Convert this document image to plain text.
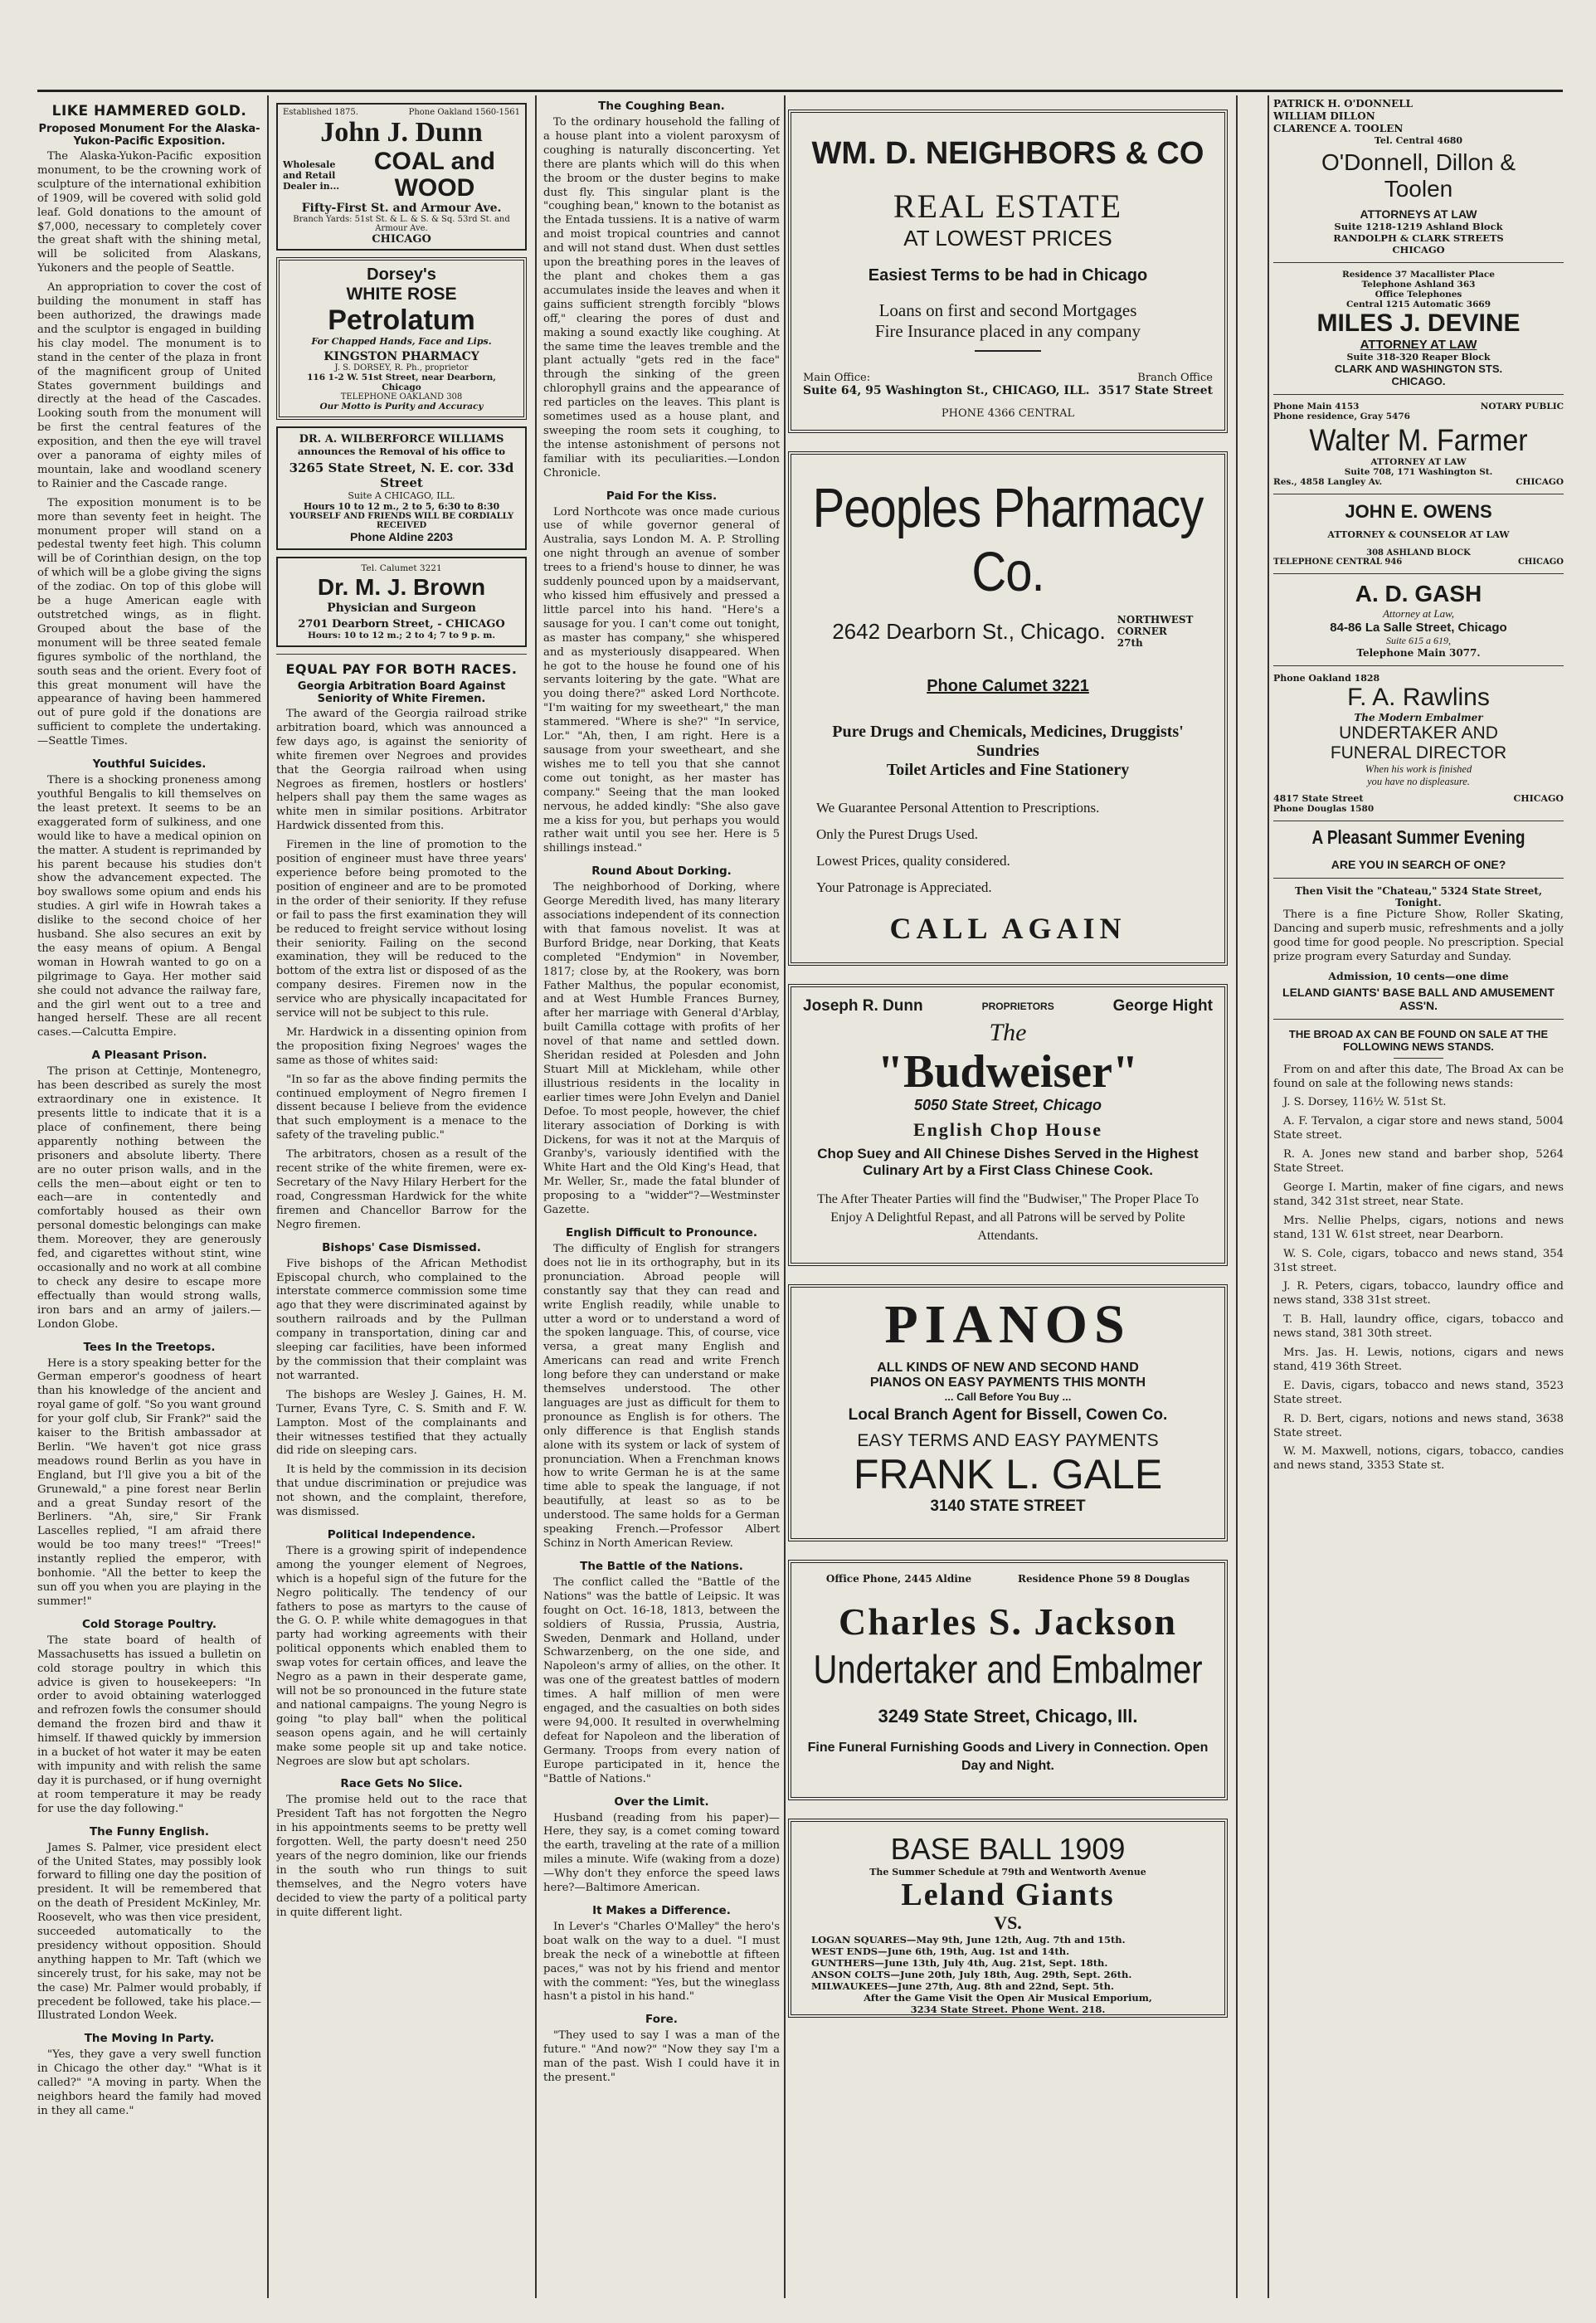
LIKE HAMMERED GOLD.
Proposed Monument For the Alaska-Yukon-Pacific Exposition.

The Alaska-Yukon-Pacific exposition monument, to be the crowning work of sculpture of the international exhibition of 1909, will be covered with solid gold leaf. Gold donations to the amount of $7,000, necessary to completely cover the great shaft with the shining metal, will be solicited from Alaskans, Yukoners and the people of Seattle.

An appropriation to cover the cost of building the monument in staff has been authorized, the drawings made and the sculptor is engaged in building his clay model. The monument is to stand in the center of the plaza in front of the magnificent group of United States government buildings and directly at the head of the Cascades. Looking south from the monument will be first the central features of the exposition, and then the eye will travel over a panorama of eighty miles of mountain, lake and woodland scenery to Rainier and the Cascade range.

The exposition monument is to be more than seventy feet in height. The monument proper will stand on a pedestal twenty feet high. This column will be of Corinthian design, on the top of which will be a globe giving the signs of the zodiac. On top of this globe will be a huge American eagle with outstretched wings, as in flight. Grouped about the base of the monument will be three seated female figures symbolic of the northland, the south seas and the orient. Every foot of this great monument will have the appearance of having been hammered out of pure gold if the donations are sufficient to complete the undertaking.—Seattle Times.

Youthful Suicides.

There is a shocking proneness among youthful Bengalis to kill themselves on the least pretext. It seems to be an exaggerated form of sulkiness, and one would like to have a medical opinion on the matter. A student is reprimanded by his parent because his studies don't show the advancement expected. The boy swallows some opium and ends his studies. A girl wife in Howrah takes a dislike to the second choice of her husband. She also secures an exit by the easy means of opium. A Bengal woman in Howrah wanted to go on a pilgrimage to Gaya. Her mother said she could not advance the railway fare, and the girl went out to a tree and hanged herself. These are all recent cases.—Calcutta Empire.

A Pleasant Prison.

The prison at Cettinje, Montenegro, has been described as surely the most extraordinary one in existence. It presents little to indicate that it is a place of confinement, there being apparently nothing between the prisoners and absolute liberty. There are no outer prison walls, and in the cells the men—about eight or ten to each—are in contentedly and comfortably housed as their own personal domestic belongings can make them. Moreover, they are generously fed, and cigarettes without stint, wine occasionally and no work at all combine to check any desire to escape more effectually than would strong walls, iron bars and an army of jailers.—London Globe.

Tees In the Treetops.

Here is a story speaking better for the German emperor's goodness of heart than his knowledge of the ancient and royal game of golf. "So you want ground for your golf club, Sir Frank?" said the kaiser to the British ambassador at Berlin. "We haven't got nice grass meadows round Berlin as you have in England, but I'll give you a bit of the Grunewald," a pine forest near Berlin and a great Sunday resort of the Berliners. "Ah, sire," Sir Frank Lascelles replied, "I am afraid there would be too many trees!" "Trees!" instantly replied the emperor, with bonhomie. "All the better to keep the sun off you when you are playing in the summer!"

Cold Storage Poultry.

The state board of health of Massachusetts has issued a bulletin on cold storage poultry in which this advice is given to housekeepers: "In order to avoid obtaining waterlogged and refrozen fowls the consumer should demand the frozen bird and thaw it himself. If thawed quickly by immersion in a bucket of hot water it may be eaten with impunity and with relish the same day it is purchased, or if hung overnight at room temperature it may be ready for use the day following."

The Funny English.

James S. Palmer, vice president elect of the United States, may possibly look forward to filling one day the position of president. It will be remembered that on the death of President McKinley, Mr. Roosevelt, who was then vice president, succeeded automatically to the presidency without opposition. Should anything happen to Mr. Taft (which we sincerely trust, for his sake, may not be the case) Mr. Palmer would probably, if precedent be followed, take his place.—Illustrated London Week.

The Moving In Party.

"Yes, they gave a very swell function in Chicago the other day." "What is it called?" "A moving in party. When the neighbors heard the family had moved in they all came."

Established 1875.	Phone Oakland 1560-1561
John J. Dunn
Wholesale and Retail Dealer in...
COAL and WOOD
Fifty-First St. and Armour Ave.
Branch Yards: 51st St. & L. & S. & Sq. 53rd St. and Armour Ave.
CHICAGO
Dorsey's
WHITE ROSE
Petrolatum
For Chapped Hands, Face and Lips.
KINGSTON PHARMACY
J. S. DORSEY, R. Ph., proprietor
116 1-2 W. 51st Street, near Dearborn, Chicago
TELEPHONE OAKLAND 308
Our Motto is Purity and Accuracy
DR. A. WILBERFORCE WILLIAMS
announces the Removal of his office to
3265 State Street, N. E. cor. 33d Street
Suite A CHICAGO, ILL.
Hours 10 to 12 m., 2 to 5, 6:30 to 8:30
YOURSELF AND FRIENDS WILL BE CORDIALLY RECEIVED
Phone Aldine 2203
Tel. Calumet 3221
Dr. M. J. Brown
Physician and Surgeon
2701 Dearborn Street, - CHICAGO
Hours: 10 to 12 m.; 2 to 4; 7 to 9 p. m.
EQUAL PAY FOR BOTH RACES.
Georgia Arbitration Board Against Seniority of White Firemen.

The award of the Georgia railroad strike arbitration board, which was announced a few days ago, is against the seniority of white firemen over Negroes and provides that the Georgia railroad when using Negroes as firemen, hostlers or hostlers' helpers shall pay them the same wages as white men in similar positions. Arbitrator Hardwick dissented from this.

Firemen in the line of promotion to the position of engineer must have three years' experience before being promoted to the position of engineer and are to be promoted in the order of their seniority. If they refuse or fail to pass the first examination they will be reduced to freight service without losing their seniority. Failing on the second examination, they will be reduced to the bottom of the extra list or disposed of as the company desires. Firemen now in the service who are physically incapacitated for service will not be subject to this rule.

Mr. Hardwick in a dissenting opinion from the proposition fixing Negroes' wages the same as those of whites said:

"In so far as the above finding permits the continued employment of Negro firemen I dissent because I believe from the evidence that such employment is a menace to the safety of the traveling public."

The arbitrators, chosen as a result of the recent strike of the white firemen, were ex-Secretary of the Navy Hilary Herbert for the road, Congressman Hardwick for the white firemen and Chancellor Barrow for the Negro firemen.

Bishops' Case Dismissed.

Five bishops of the African Methodist Episcopal church, who complained to the interstate commerce commission some time ago that they were discriminated against by southern railroads and by the Pullman company in transportation, dining car and sleeping car facilities, have been informed by the commission that their complaint was not warranted.

The bishops are Wesley J. Gaines, H. M. Turner, Evans Tyre, C. S. Smith and F. W. Lampton. Most of the complainants and their witnesses testified that they actually did ride on sleeping cars.

It is held by the commission in its decision that undue discrimination or prejudice was not shown, and the complaint, therefore, was dismissed.

Political Independence.

There is a growing spirit of independence among the younger element of Negroes, which is a hopeful sign of the future for the Negro politically. The tendency of our fathers to pose as martyrs to the cause of the G. O. P. while white demagogues in that party had working agreements with their political opponents which enabled them to swap votes for certain offices, and leave the Negro as a pawn in their desperate game, will not be so pronounced in the future state and national campaigns. The young Negro is going "to play ball" when the political season opens again, and he will certainly make some people sit up and take notice. Negroes are slow but apt scholars.

Race Gets No Slice.

The promise held out to the race that President Taft has not forgotten the Negro in his appointments seems to be pretty well forgotten. Well, the party doesn't need 250 years of the negro dominion, like our friends in the south who run things to suit themselves, and the Negro voters have decided to view the party of a political party in quite different light.

The Coughing Bean.

To the ordinary household the falling of a house plant into a violent paroxysm of coughing is naturally disconcerting. Yet there are plants which will do this when the broom or the duster begins to make dust fly. This singular plant is the "coughing bean," known to the botanist as the Entada tussiens. It is a native of warm and moist tropical countries and cannot and will not stand dust. When dust settles upon the breathing pores in the leaves of the plant and chokes them a gas accumulates inside the leaves and when it gains sufficient strength forcibly "blows off," clearing the pores of dust and making a sound exactly like coughing. At the same time the leaves tremble and the plant actually "gets red in the face" through the sinking of the green chlorophyll grains and the appearance of red particles on the leaves. This plant is sometimes used as a house plant, and sweeping the room sets it coughing, to the intense astonishment of persons not familiar with its peculiarities.—London Chronicle.

Paid For the Kiss.

Lord Northcote was once made curious use of while governor general of Australia, says London M. A. P. Strolling one night through an avenue of somber trees to a friend's house to dinner, he was suddenly pounced upon by a maidservant, who kissed him effusively and pressed a little parcel into his hand. "Here's a sausage for you. I can't come out tonight, as master has company," she whispered and as mysteriously disappeared. When he got to the house he found one of his servants loitering by the gate. "What are you doing there?" asked Lord Northcote. "I'm waiting for my sweetheart," the man stammered. "Where is she?" "In service, Lor." "Ah, then, I am right. Here is a sausage from your sweetheart, and she wishes me to tell you that she cannot come out tonight, as her master has company." Seeing that the man looked nervous, he added kindly: "She also gave me a kiss for you, but perhaps you would rather wait until you see her. Here is 5 shillings instead."

Round About Dorking.

The neighborhood of Dorking, where George Meredith lived, has many literary associations independent of its connection with that famous novelist. It was at Burford Bridge, near Dorking, that Keats completed "Endymion" in November, 1817; close by, at the Rookery, was born Father Malthus, the popular economist, and at West Humble Frances Burney, after her marriage with General d'Arblay, built Camilla cottage with profits of her novel of that name and settled down. Sheridan resided at Polesden and John Stuart Mill at Mickleham, while other illustrious residents in the locality in earlier times were John Evelyn and Daniel Defoe. To most people, however, the chief literary association of Dorking is with Dickens, for was it not at the Marquis of Granby's, variously identified with the White Hart and the Old King's Head, that Mr. Weller, Sr., made the fatal blunder of proposing to a "widder"?—Westminster Gazette.

English Difficult to Pronounce.

The difficulty of English for strangers does not lie in its orthography, but in its pronunciation. Abroad people will constantly say that they can read and write English readily, while unable to utter a word or to understand a word of the spoken language. This, of course, vice versa, a great many English and Americans can read and write French long before they can understand or make themselves understood. The other languages are just as difficult for them to pronounce as English is for others. The only difference is that English stands alone with its system or lack of system of pronunciation. When a Frenchman knows how to write German he is at the same time able to speak the language, if not beautifully, at least so as to be understood. The same holds for a German speaking French.—Professor Albert Schinz in North American Review.

The Battle of the Nations.

The conflict called the "Battle of the Nations" was the battle of Leipsic. It was fought on Oct. 16-18, 1813, between the soldiers of Russia, Prussia, Austria, Sweden, Denmark and Holland, under Schwarzenberg, on the one side, and Napoleon's army of allies, on the other. It was one of the greatest battles of modern times. A half million of men were engaged, and the casualties on both sides were 94,000. It resulted in overwhelming defeat for Napoleon and the liberation of Germany. Troops from every nation of Europe participated in it, hence the "Battle of Nations."

Over the Limit.

Husband (reading from his paper)—Here, they say, is a comet coming toward the earth, traveling at the rate of a million miles a minute. Wife (waking from a doze)—Why don't they enforce the speed laws here?—Baltimore American.

It Makes a Difference.

In Lever's "Charles O'Malley" the hero's boat walk on the way to a duel. "I must break the neck of a winebottle at fifteen paces," was not by his friend and mentor with the comment: "Yes, but the wineglass hasn't a pistol in his hand."

Fore.

"They used to say I was a man of the future." "And now?" "Now they say I'm a man of the past. Wish I could have it in the present."

WM. D. NEIGHBORS & CO
REAL ESTATE
AT LOWEST PRICES
Easiest Terms to be had in Chicago
Loans on first and second Mortgages
Fire Insurance placed in any company
Main Office:	Branch Office
Suite 64, 95 Washington St., CHICAGO, ILL. 3517 State Street
PHONE 4366 CENTRAL
Peoples Pharmacy Co.
2642 Dearborn St., Chicago. NORTHWEST CORNER 27th
Phone Calumet 3221
Pure Drugs and Chemicals, Medicines, Druggists' Sundries
Toilet Articles and Fine Stationery
We Guarantee Personal Attention to Prescriptions.
Only the Purest Drugs Used.
Lowest Prices, quality considered.
Your Patronage is Appreciated.
CALL AGAIN
Joseph R. Dunn	PROPRIETORS	George Hight
The
"Budweiser"
5050 State Street, Chicago
English Chop House
Chop Suey and All Chinese Dishes Served in the Highest Culinary Art by a First Class Chinese Cook.
The After Theater Parties will find the "Budwiser," The Proper Place To Enjoy A Delightful Repast, and all Patrons will be served by Polite Attendants.
PIANOS
ALL KINDS OF NEW AND SECOND HAND
PIANOS ON EASY PAYMENTS THIS MONTH
... Call Before You Buy ...
Local Branch Agent for Bissell, Cowen Co.
EASY TERMS AND EASY PAYMENTS
FRANK L. GALE
3140 STATE STREET
Office Phone, 2445 Aldine	Residence Phone 59 8 Douglas
Charles S. Jackson
Undertaker and Embalmer
3249 State Street, Chicago, Ill.
Fine Funeral Furnishing Goods and Livery in Connection. Open Day and Night.
BASE BALL 1909
The Summer Schedule at 79th and Wentworth Avenue
Leland Giants
VS.
LOGAN SQUARES—May 9th, June 12th, Aug. 7th and 15th.
WEST ENDS—June 6th, 19th, Aug. 1st and 14th.
GUNTHERS—June 13th, July 4th, Aug. 21st, Sept. 18th.
ANSON COLTS—June 20th, July 18th, Aug. 29th, Sept. 26th.
MILWAUKEES—June 27th, Aug. 8th and 22nd, Sept. 5th.
After the Game Visit the Open Air Musical Emporium,
3234 State Street. Phone Went. 218.
PATRICK H. O'DONNELL
WILLIAM DILLON
CLARENCE A. TOOLEN
Tel. Central 4680
O'Donnell, Dillon &
Toolen
ATTORNEYS AT LAW
Suite 1218-1219 Ashland Block
RANDOLPH & CLARK STREETS
CHICAGO
Residence 37 Macallister Place
Telephone Ashland 363
Office Telephones
Central 1215 Automatic 3669
MILES J. DEVINE
ATTORNEY AT LAW
Suite 318-320 Reaper Block
CLARK AND WASHINGTON STS.
CHICAGO.
Phone Main 4153	NOTARY PUBLIC
Phone residence, Gray 5476
Walter M. Farmer
ATTORNEY AT LAW
Suite 708, 171 Washington St.
Res., 4858 Langley Av.	CHICAGO
JOHN E. OWENS
ATTORNEY & COUNSELOR AT LAW
308 ASHLAND BLOCK
TELEPHONE CENTRAL 946	CHICAGO
A. D. GASH
Attorney at Law,
84-86 La Salle Street, Chicago
Suite 615 a 619,
Telephone Main 3077.
Phone Oakland 1828
F. A. Rawlins
The Modern Embalmer
UNDERTAKER AND
FUNERAL DIRECTOR
When his work is finished
you have no displeasure.
4817 State Street	CHICAGO
Phone Douglas 1580
A Pleasant Summer Evening
ARE YOU IN SEARCH OF ONE?
Then Visit the "Chateau," 5324 State Street, Tonight.

There is a fine Picture Show, Roller Skating, Dancing and superb music, refreshments and a jolly good time for good people. No prescription. Special prize program every Saturday and Sunday.

Admission, 10 cents—one dime
LELAND GIANTS' BASE BALL AND AMUSEMENT ASS'N.
THE BROAD AX CAN BE FOUND ON SALE AT THE FOLLOWING NEWS STANDS.

From on and after this date, The Broad Ax can be found on sale at the following news stands:

J. S. Dorsey, 116½ W. 51st St.

A. F. Tervalon, a cigar store and news stand, 5004 State street.

R. A. Jones new stand and barber shop, 5264 State Street.

George I. Martin, maker of fine cigars, and news stand, 342 31st street, near State.

Mrs. Nellie Phelps, cigars, notions and news stand, 131 W. 61st street, near Dearborn.

W. S. Cole, cigars, tobacco and news stand, 354 31st street.

J. R. Peters, cigars, tobacco, laundry office and news stand, 338 31st street.

T. B. Hall, laundry office, cigars, tobacco and news stand, 381 30th street.

Mrs. Jas. H. Lewis, notions, cigars and news stand, 419 36th Street.

E. Davis, cigars, tobacco and news stand, 3523 State street.

R. D. Bert, cigars, notions and news stand, 3638 State street.

W. M. Maxwell, notions, cigars, tobacco, candies and news stand, 3353 State st.
